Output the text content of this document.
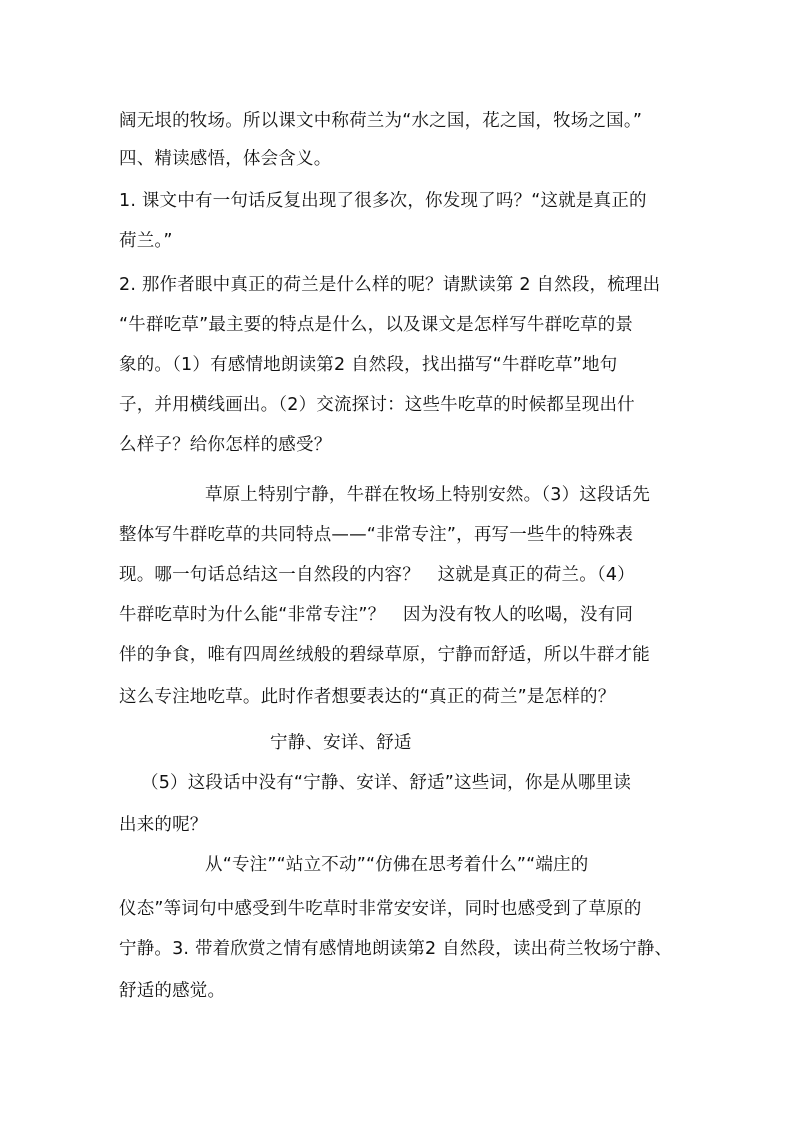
阔无垠的牧场。所以课文中称荷兰为“水之国，花之国，牧场之国。”
四、精读感悟，体会含义。
1. 课文中有一句话反复出现了很多次，你发现了吗？“这就是真正的
荷兰。”
2. 那作者眼中真正的荷兰是什么样的呢？请默读第 2 自然段，梳理出
“牛群吃草”最主要的特点是什么，以及课文是怎样写牛群吃草的景
象的。（1）有感情地朗读第2 自然段，找出描写“牛群吃草”地句
子，并用横线画出。（2）交流探讨：这些牛吃草的时候都呈现出什
么样子？给你怎样的感受？
草原上特别宁静，牛群在牧场上特别安然。（3）这段话先
整体写牛群吃草的共同特点——“非常专注”，再写一些牛的特殊表
现。哪一句话总结这一自然段的内容？　这就是真正的荷兰。（4）
牛群吃草时为什么能“非常专注”？　因为没有牧人的吆喝，没有同
伴的争食，唯有四周丝绒般的碧绿草原，宁静而舒适，所以牛群才能
这么专注地吃草。此时作者想要表达的“真正的荷兰”是怎样的？
宁静、安详、舒适
（5）这段话中没有“宁静、安详、舒适”这些词，你是从哪里读
出来的呢？
从“专注”“站立不动”“仿佛在思考着什么”“端庄的
仪态”等词句中感受到牛吃草时非常安安详，同时也感受到了草原的
宁静。3. 带着欣赏之情有感情地朗读第2 自然段，读出荷兰牧场宁静、
舒适的感觉。
